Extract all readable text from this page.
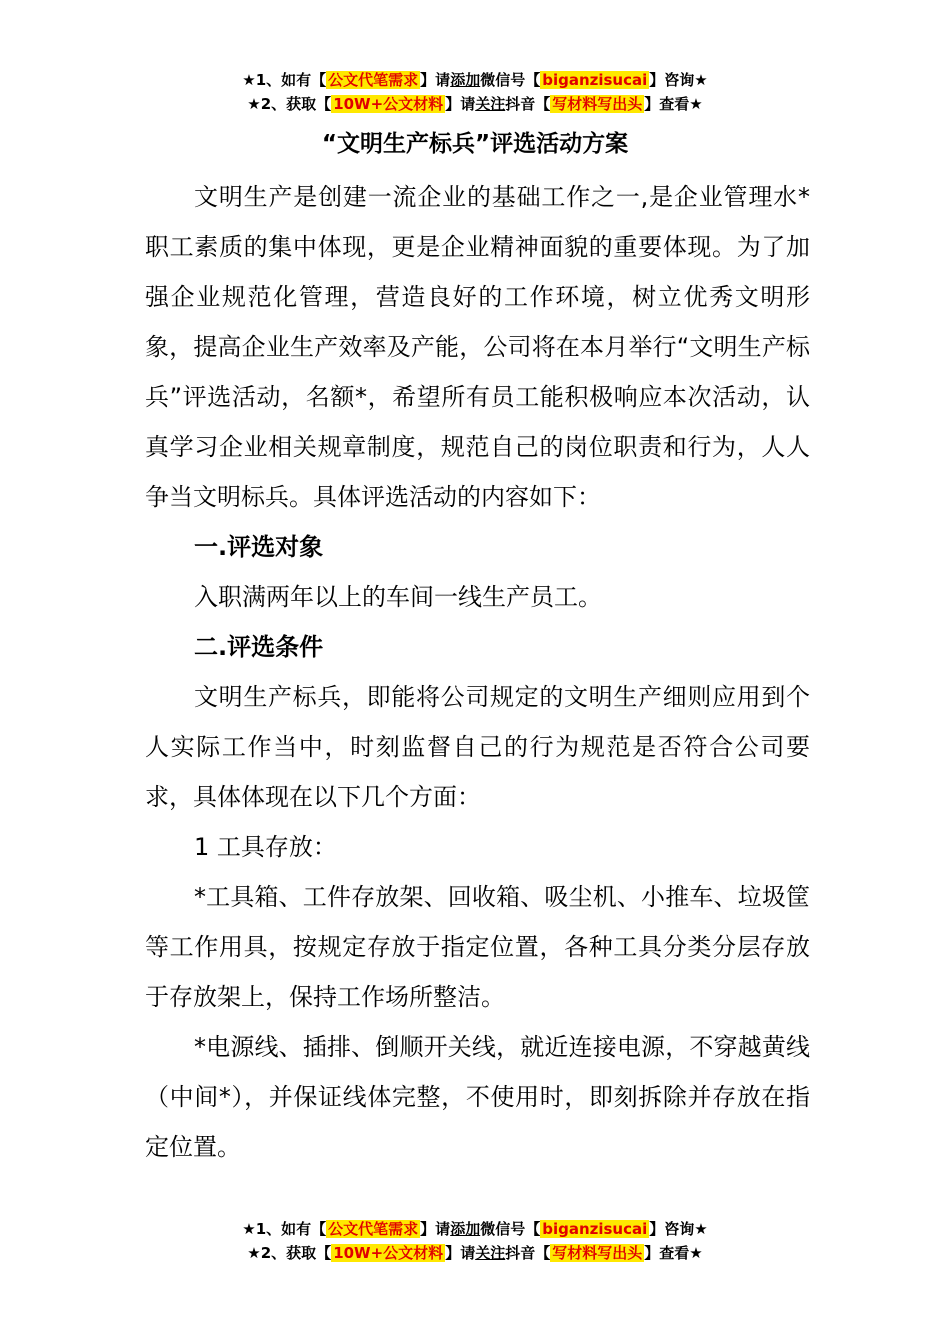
★1、如有【 公文代笔需求 】请添加微信号【 biganzisucai 】咨询★
★2、获取【 10W+公文材料 】请关注抖音【 写材料写出头 】查看★
“文明生产标兵”评选活动方案

文明生产是创建一流企业的基础工作之一,是企业管理水*职工素质的集中体现，更是企业精神面貌的重要体现。为了加强企业规范化管理，营造良好的工作环境，树立优秀文明形象，提高企业生产效率及产能，公司将在本月举行“文明生产标兵”评选活动，名额*，希望所有员工能积极响应本次活动，认真学习企业相关规章制度，规范自己的岗位职责和行为，人人争当文明标兵。具体评选活动的内容如下：

一.评选对象

入职满两年以上的车间一线生产员工。

二.评选条件

文明生产标兵，即能将公司规定的文明生产细则应用到个人实际工作当中，时刻监督自己的行为规范是否符合公司要求，具体体现在以下几个方面：

1 工具存放：

*工具箱、工件存放架、回收箱、吸尘机、小推车、垃圾筐等工作用具，按规定存放于指定位置，各种工具分类分层存放于存放架上，保持工作场所整洁。

*电源线、插排、倒顺开关线，就近连接电源，不穿越黄线（中间*），并保证线体完整，不使用时，即刻拆除并存放在指定位置。

★1、如有【 公文代笔需求 】请添加微信号【 biganzisucai 】咨询★
★2、获取【 10W+公文材料 】请关注抖音【 写材料写出头 】查看★
